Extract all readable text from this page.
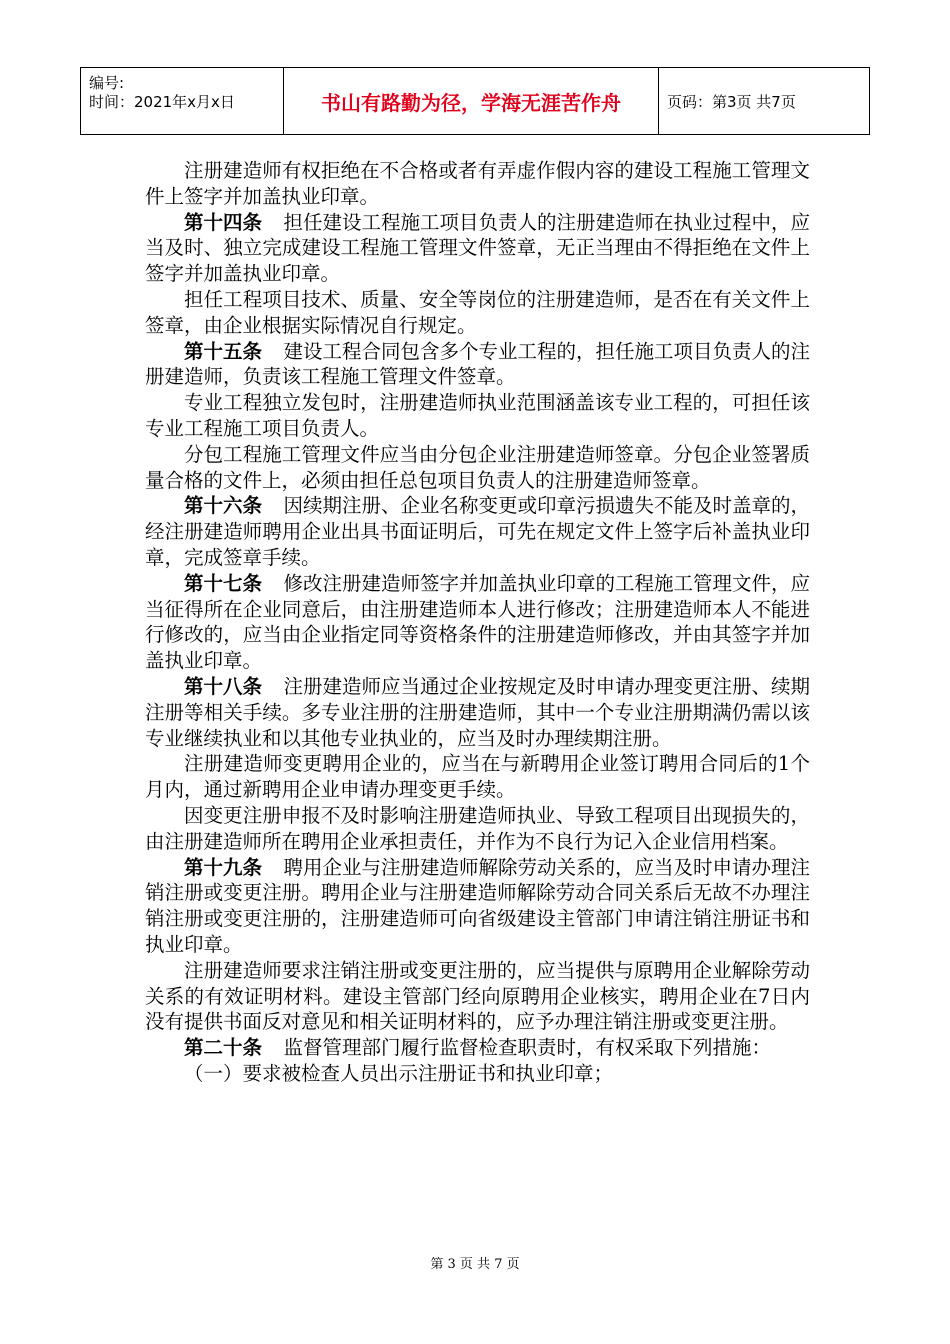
编号:
时间：2021年x月x日	书山有路勤为径，学海无涯苦作舟	页码：第3页 共7页

注册建造师有权拒绝在不合格或者有弄虚作假内容的建设工程施工管理文件上签字并加盖执业印章。

第十四条 担任建设工程施工项目负责人的注册建造师在执业过程中，应当及时、独立完成建设工程施工管理文件签章，无正当理由不得拒绝在文件上签字并加盖执业印章。

担任工程项目技术、质量、安全等岗位的注册建造师，是否在有关文件上签章，由企业根据实际情况自行规定。

第十五条 建设工程合同包含多个专业工程的，担任施工项目负责人的注册建造师，负责该工程施工管理文件签章。

专业工程独立发包时，注册建造师执业范围涵盖该专业工程的，可担任该专业工程施工项目负责人。

分包工程施工管理文件应当由分包企业注册建造师签章。分包企业签署质量合格的文件上，必须由担任总包项目负责人的注册建造师签章。

第十六条 因续期注册、企业名称变更或印章污损遗失不能及时盖章的，经注册建造师聘用企业出具书面证明后，可先在规定文件上签字后补盖执业印章，完成签章手续。

第十七条 修改注册建造师签字并加盖执业印章的工程施工管理文件，应当征得所在企业同意后，由注册建造师本人进行修改；注册建造师本人不能进行修改的，应当由企业指定同等资格条件的注册建造师修改，并由其签字并加盖执业印章。

第十八条 注册建造师应当通过企业按规定及时申请办理变更注册、续期注册等相关手续。多专业注册的注册建造师，其中一个专业注册期满仍需以该专业继续执业和以其他专业执业的，应当及时办理续期注册。

注册建造师变更聘用企业的，应当在与新聘用企业签订聘用合同后的1个月内，通过新聘用企业申请办理变更手续。

因变更注册申报不及时影响注册建造师执业、导致工程项目出现损失的，由注册建造师所在聘用企业承担责任，并作为不良行为记入企业信用档案。

第十九条 聘用企业与注册建造师解除劳动关系的，应当及时申请办理注销注册或变更注册。聘用企业与注册建造师解除劳动合同关系后无故不办理注销注册或变更注册的，注册建造师可向省级建设主管部门申请注销注册证书和执业印章。

注册建造师要求注销注册或变更注册的，应当提供与原聘用企业解除劳动关系的有效证明材料。建设主管部门经向原聘用企业核实，聘用企业在7日内没有提供书面反对意见和相关证明材料的，应予办理注销注册或变更注册。

第二十条 监督管理部门履行监督检查职责时，有权采取下列措施：

（一）要求被检查人员出示注册证书和执业印章；

第 3 页 共 7 页
